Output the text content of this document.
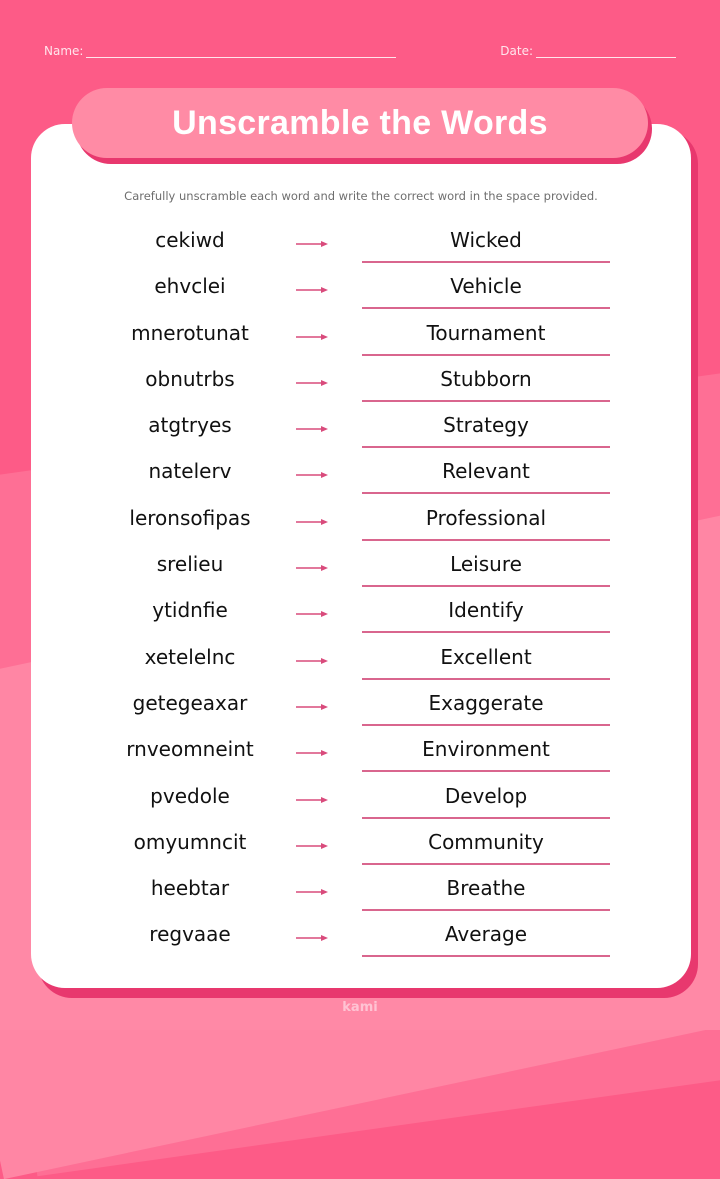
Name:	Date:
Unscramble the Words
Carefully unscramble each word and write the correct word in the space provided.
cekiwd	Wicked
ehvclei	Vehicle
mnerotunat	Tournament
obnutrbs	Stubborn
atgtryes	Strategy
natelerv	Relevant
leronsofipas	Professional
srelieu	Leisure
ytidnfie	Identify
xetelelnc	Excellent
getegeaxar	Exaggerate
rnveomneint	Environment
pvedole	Develop
omyumncit	Community
heebtar	Breathe
regvaae	Average
kami
